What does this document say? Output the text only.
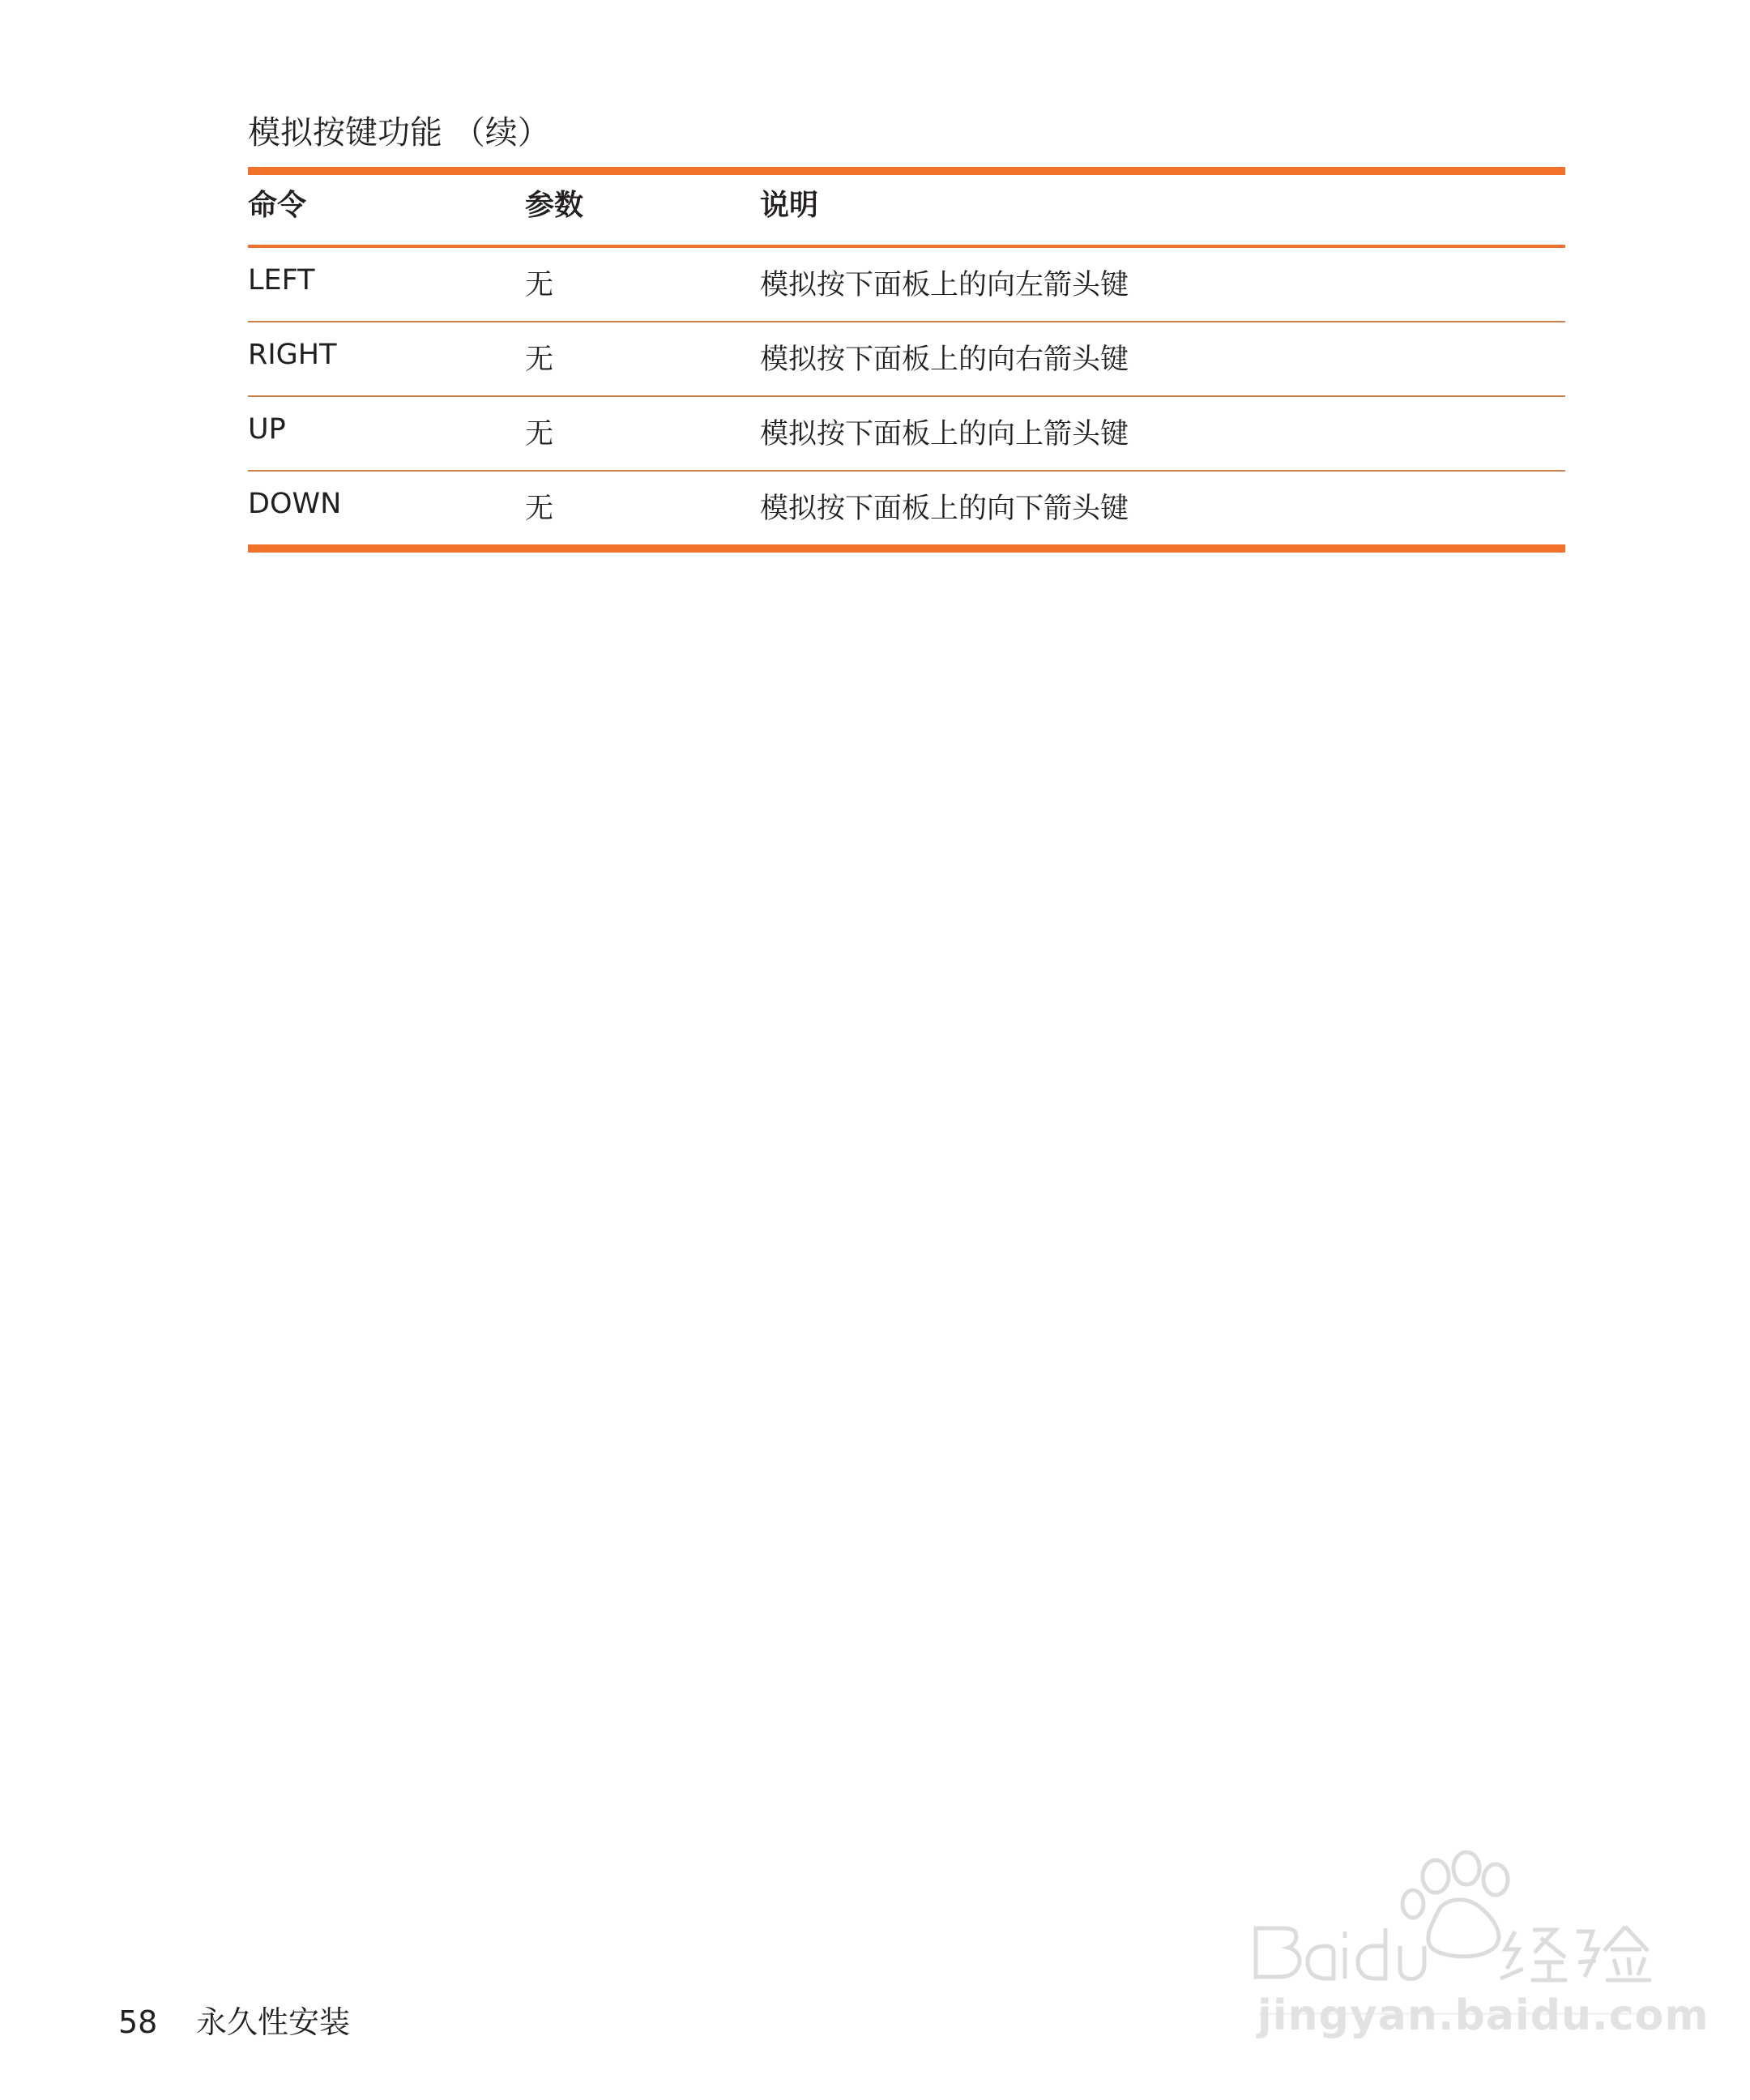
模拟按键功能 （续）
命令	参数	说明
LEFT	无	模拟按下面板上的向左箭头键
RIGHT	无	模拟按下面板上的向右箭头键
UP	无	模拟按下面板上的向上箭头键
DOWN	无	模拟按下面板上的向下箭头键
58 永久性安装	jingyan.baidu.com
